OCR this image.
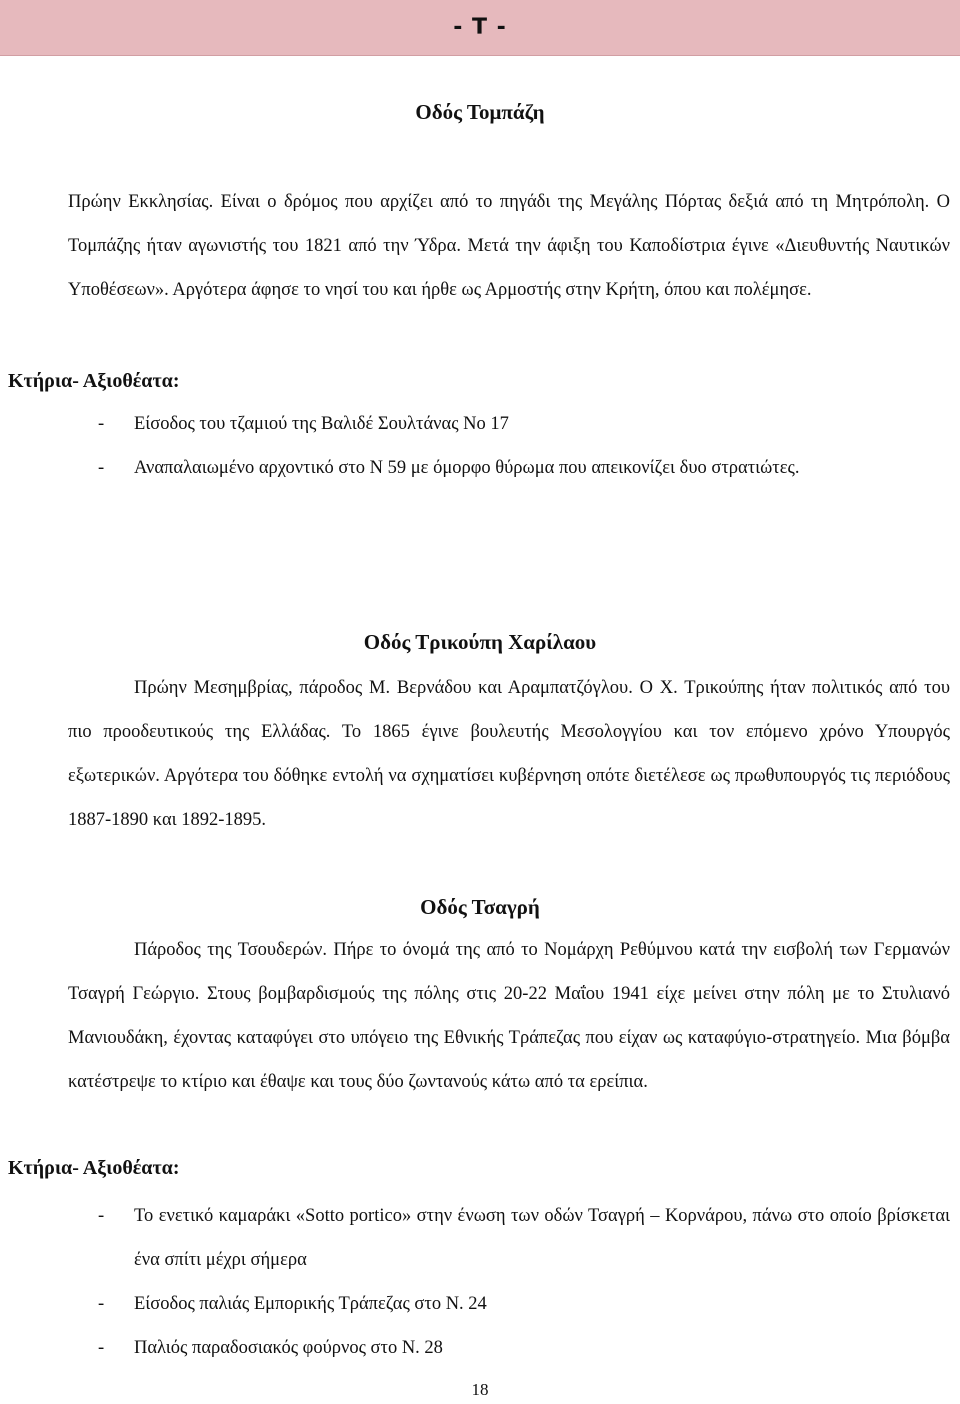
- Τ -
Οδός Τομπάζη
Πρώην Εκκλησίας. Είναι ο δρόμος που αρχίζει από το πηγάδι της Μεγάλης Πόρτας δεξιά από τη Μητρόπολη. Ο Τομπάζης ήταν αγωνιστής του 1821 από την Ύδρα. Μετά την άφιξη του Καποδίστρια έγινε «Διευθυντής Ναυτικών Υποθέσεων». Αργότερα άφησε το νησί του και ήρθε ως Αρμοστής στην Κρήτη, όπου και πολέμησε.
Κτήρια- Αξιοθέατα:
- Είσοδος του τζαμιού της Βαλιδέ Σουλτάνας Νο 17
- Αναπαλαιωμένο αρχοντικό στο Ν 59 με όμορφο θύρωμα που απεικονίζει δυο στρατιώτες.
Οδός Τρικούπη Χαρίλαου
Πρώην Μεσημβρίας, πάροδος Μ. Βερνάδου και Αραμπατζόγλου. Ο Χ. Τρικούπης ήταν πολιτικός από του πιο προοδευτικούς της Ελλάδας. Το 1865 έγινε βουλευτής Μεσολογγίου και τον επόμενο χρόνο Υπουργός εξωτερικών. Αργότερα του δόθηκε εντολή να σχηματίσει κυβέρνηση οπότε διετέλεσε ως πρωθυπουργός τις περιόδους 1887-1890 και 1892-1895.
Οδός Τσαγρή
Πάροδος της Τσουδερών. Πήρε το όνομά της από το Νομάρχη Ρεθύμνου κατά την εισβολή των Γερμανών Τσαγρή Γεώργιο. Στους βομβαρδισμούς της πόλης στις 20-22 Μαΐου 1941 είχε μείνει στην πόλη με το Στυλιανό Μανιουδάκη, έχοντας καταφύγει στο υπόγειο της Εθνικής Τράπεζας που είχαν ως καταφύγιο-στρατηγείο. Μια βόμβα κατέστρεψε το κτίριο και έθαψε και τους δύο ζωντανούς κάτω από τα ερείπια.
Κτήρια- Αξιοθέατα:
- Το ενετικό καμαράκι «Sotto portico» στην ένωση των οδών Τσαγρή – Κορνάρου, πάνω στο οποίο βρίσκεται ένα σπίτι μέχρι σήμερα
- Είσοδος παλιάς Εμπορικής Τράπεζας στο Ν. 24
- Παλιός παραδοσιακός φούρνος στο Ν. 28
18
